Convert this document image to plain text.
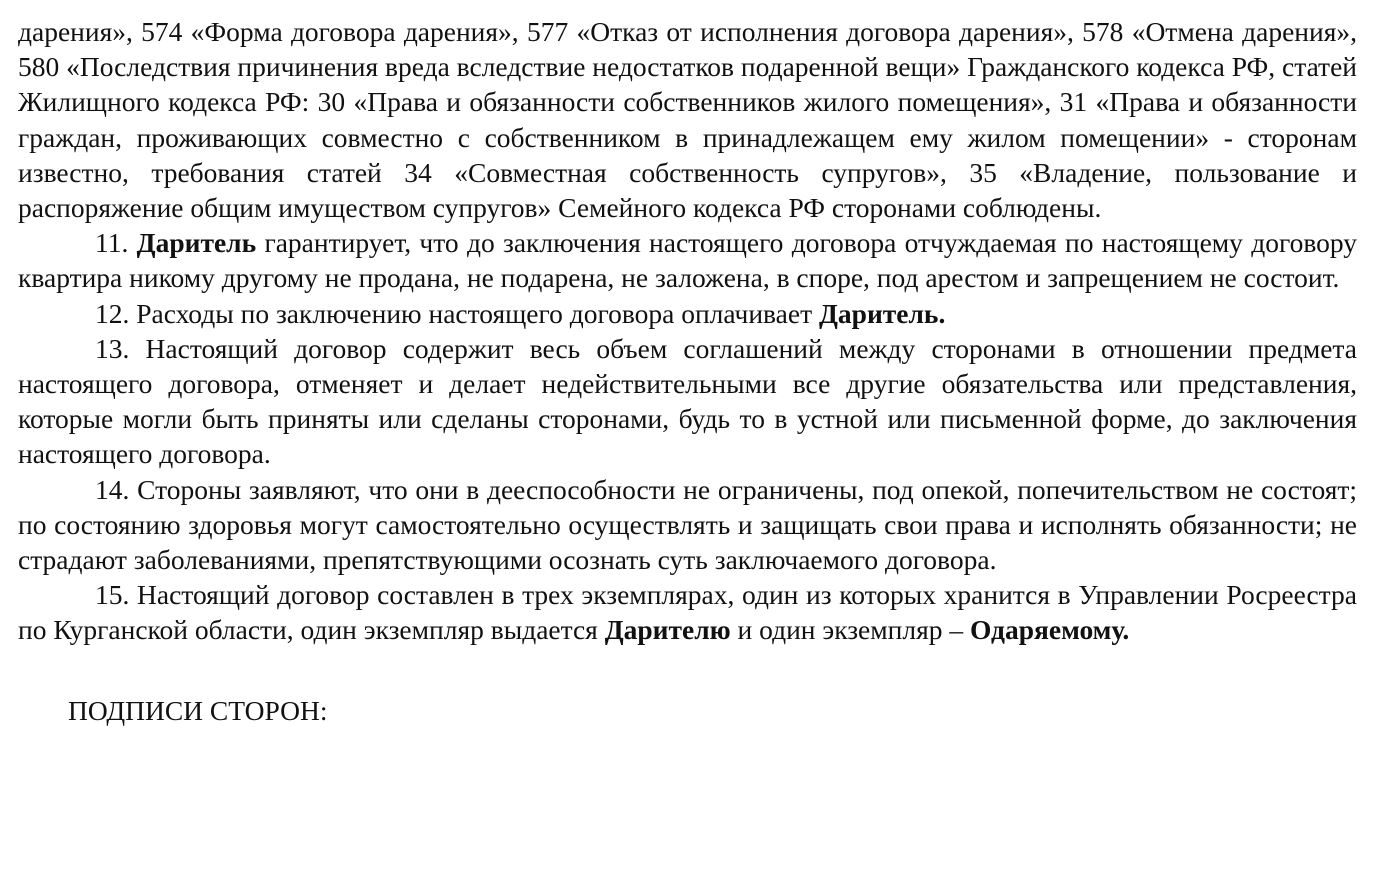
дарения», 574 «Форма договора дарения», 577 «Отказ от исполнения договора дарения», 578 «Отмена дарения», 580 «Последствия причинения вреда вследствие недостатков подаренной вещи» Гражданского кодекса РФ, статей Жилищного кодекса РФ: 30 «Права и обязанности собственников жилого помещения», 31 «Права и обязанности граждан, проживающих совместно с собственником в принадлежащем ему жилом помещении» - сторонам известно, требования статей 34 «Совместная собственность супругов», 35 «Владение, пользование и распоряжение общим имуществом супругов» Семейного кодекса РФ сторонами соблюдены.

11. Даритель гарантирует, что до заключения настоящего договора отчуждаемая по настоящему договору квартира никому другому не продана, не подарена, не заложена, в споре, под арестом и запрещением не состоит.

12. Расходы по заключению настоящего договора оплачивает Даритель.

13. Настоящий договор содержит весь объем соглашений между сторонами в отношении предмета настоящего договора, отменяет и делает недействительными все другие обязательства или представления, которые могли быть приняты или сделаны сторонами, будь то в устной или письменной форме, до заключения настоящего договора.

14. Стороны заявляют, что они в дееспособности не ограничены, под опекой, попечительством не состоят; по состоянию здоровья могут самостоятельно осуществлять и защищать свои права и исполнять обязанности; не страдают заболеваниями, препятствующими осознать суть заключаемого договора.

15. Настоящий договор составлен в трех экземплярах, один из которых хранится в Управлении Росреестра по Курганской области, один экземпляр выдается Дарителю и один экземпляр – Одаряемому.

ПОДПИСИ СТОРОН:
